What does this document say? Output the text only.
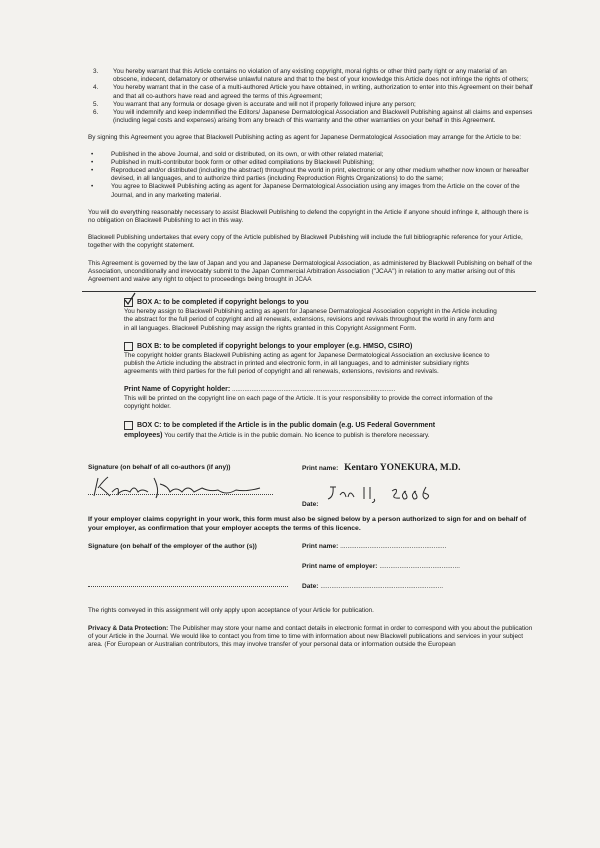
3.	You hereby warrant that this Article contains no violation of any existing copyright, moral rights or other third party right or any material of an obscene, indecent, defamatory or otherwise unlawful nature and that to the best of your knowledge this Article does not infringe the rights of others;
4.	You hereby warrant that in the case of a multi-authored Article you have obtained, in writing, authorization to enter into this Agreement on their behalf and that all co-authors have read and agreed the terms of this Agreement;
5.	You warrant that any formula or dosage given is accurate and will not if properly followed injure any person;
6.	You will indemnify and keep indemnified the Editors/ Japanese Dermatological Association and Blackwell Publishing against all claims and expenses (including legal costs and expenses) arising from any breach of this warranty and the other warranties on your behalf in this Agreement.

By signing this Agreement you agree that Blackwell Publishing acting as agent for Japanese Dermatological Association may arrange for the Article to be:

•	Published in the above Journal, and sold or distributed, on its own, or with other related material;
•	Published in multi-contributor book form or other edited compilations by Blackwell Publishing;
•	Reproduced and/or distributed (including the abstract) throughout the world in print, electronic or any other medium whether now known or hereafter devised, in all languages, and to authorize third parties (including Reproduction Rights Organizations) to do the same;
•	You agree to Blackwell Publishing acting as agent for Japanese Dermatological Association using any images from the Article on the cover of the Journal, and in any marketing material.

You will do everything reasonably necessary to assist Blackwell Publishing to defend the copyright in the Article if anyone should infringe it, although there is no obligation on Blackwell Publishing to act in this way.

Blackwell Publishing undertakes that every copy of the Article published by Blackwell Publishing will include the full bibliographic reference for your Article, together with the copyright statement.

This Agreement is governed by the law of Japan and you and Japanese Dermatological Association, as administered by Blackwell Publishing on behalf of the Association, unconditionally and irrevocably submit to the Japan Commercial Arbitration Association ("JCAA") in relation to any matter arising out of this Agreement and waive any right to object to proceedings being brought in JCAA

BOX A: to be completed if copyright belongs to you

You hereby assign to Blackwell Publishing acting as agent for Japanese Dermatological Association copyright in the Article including the abstract for the full period of copyright and all renewals, extensions, revisions and revivals throughout the world in any form and in all languages. Blackwell Publishing may assign the rights granted in this Copyright Assignment Form.

BOX B: to be completed if copyright belongs to your employer (e.g. HMSO, CSIRO)

The copyright holder grants Blackwell Publishing acting as agent for Japanese Dermatological Association an exclusive licence to publish the Article including the abstract in printed and electronic form, in all languages, and to administer subsidiary rights agreements with third parties for the full period of copyright and all renewals, extensions, revisions and revivals.

Print Name of Copyright holder: ............................................................................................

This will be printed on the copyright line on each page of the Article. It is your responsibility to provide the correct information of the copyright holder.

BOX C: to be completed if the Article is in the public domain (e.g. US Federal Government

employees) You certify that the Article is in the public domain. No licence to publish is therefore necessary.

Signature (on behalf of all co-authors (if any))	Print name: Kentaro YONEKURA, M.D.
Date:

If your employer claims copyright in your work, this form must also be signed below by a person authorized to sign for and on behalf of your employer, as confirmation that your employer accepts the terms of this licence.

Signature (on behalf of the employer of the author (s))	Print name: ..........................................................
Print name of employer: ............................................
Date: ...................................................................

The rights conveyed in this assignment will only apply upon acceptance of your Article for publication.

Privacy & Data Protection: The Publisher may store your name and contact details in electronic format in order to correspond with you about the publication of your Article in the Journal. We would like to contact you from time to time with information about new Blackwell publications and services in your subject area. (For European or Australian contributors, this may involve transfer of your personal data or information outside the European
